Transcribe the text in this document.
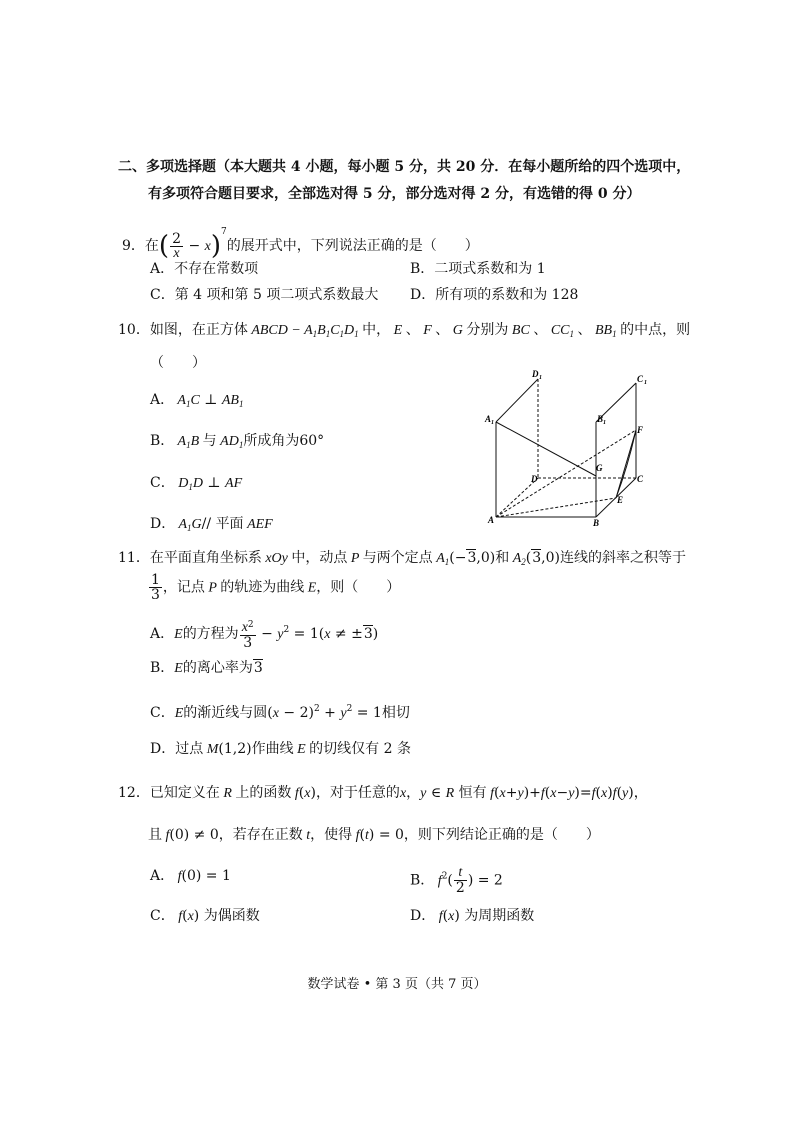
二、多项选择题（本大题共 4 小题，每小题 5 分，共 20 分．在每小题所给的四个选项中，
有多项符合题目要求，全部选对得 5 分，部分选对得 2 分，有选错的得 0 分）
9．在( $\frac{2}{x} - x)^7$的展开式中，下列说法正确的是（　　）
A．不存在常数项	B．二项式系数和为 1
C．第 4 项和第 5 项二项式系数最大 D．所有项的系数和为 128
10．如图，在正方体 ABCD − $A_1B_1C_1D_1$ 中， E 、 F 、 G 分别为 BC 、 $CC_1$ 、 $BB_1$ 的中点，则
（　　）
A． $A_1C$ ⊥ $AB_1$
B． $A_1B$ 与 $AD_1$所成角为60°
C． $D_1D$ ⊥ AF
D． $A_1G//$ 平面 AEF
D 1	C 1
A 1	B 1
F
G
D	C
E
A	B
11．在平面直角坐标系 xOy 中，动点 P 与两个定点 $A_1(-3,0)$和 $A_2(3,0)$连线的斜率之积等于
$\frac{1}{3}$ ，记点 P 的轨迹为曲线 E，则（　　）
A．E的方程为 $\frac{x^2}{3} - y^2 = 1(x \ne \pm 3)$
B．E的离心率为3
C．E的渐近线与圆$(x - 2)^2 + y^2 = 1$相切
D．过点 M(1,2)作曲线 E 的切线仅有 2 条
12．已知定义在 R 上的函数 f(x)，对于任意的x，y ∈ R 恒有 f(x+y)+f(x−y)=f(x)f(y)，
且 f(0) ≠ 0，若存在正数 t，使得 f(t) = 0，则下列结论正确的是（　　）
A． f(0) = 1	B． $f^2( \frac{t}{2}$ ) = 2
C． f(x) 为偶函数	D． f(x) 为周期函数
数学试卷 • 第 3 页（共 7 页）
